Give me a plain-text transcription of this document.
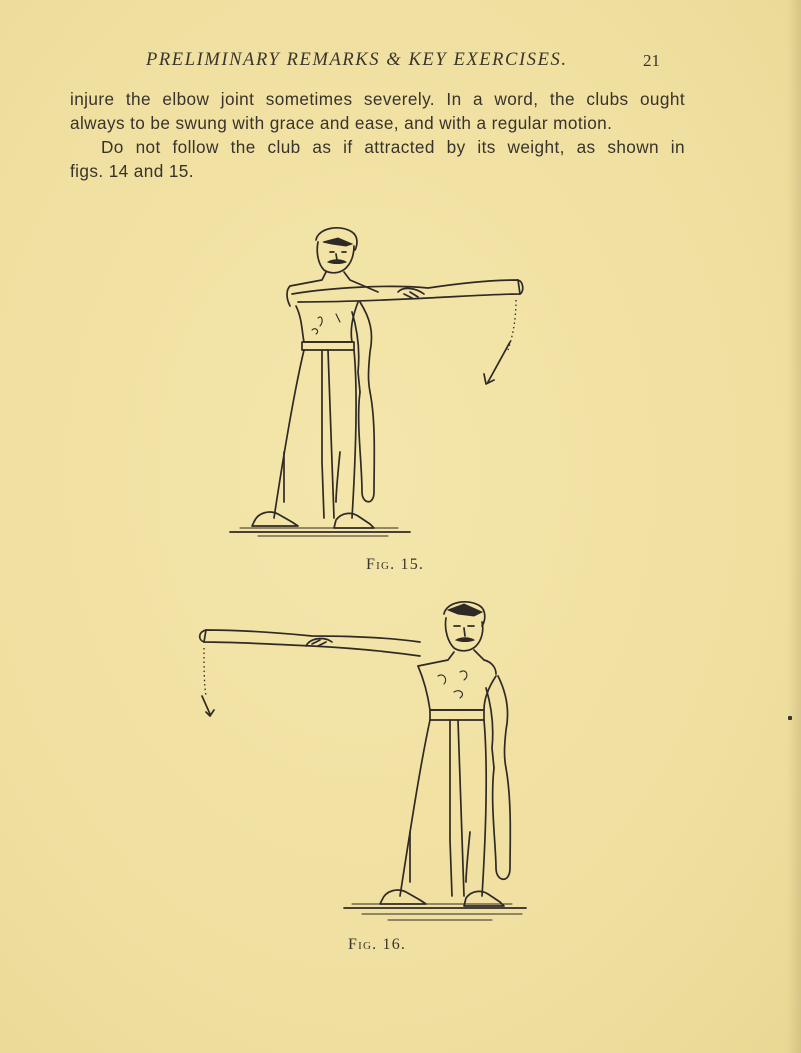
PRELIMINARY REMARKS & KEY EXERCISES.	21

injure the elbow joint sometimes severely. In a word, the clubs ought

always to be swung with grace and ease, and with a regular motion.

Do not follow the club as if attracted by its weight, as shown in

figs. 14 and 15.

Fig. 15.
Fig. 16.
